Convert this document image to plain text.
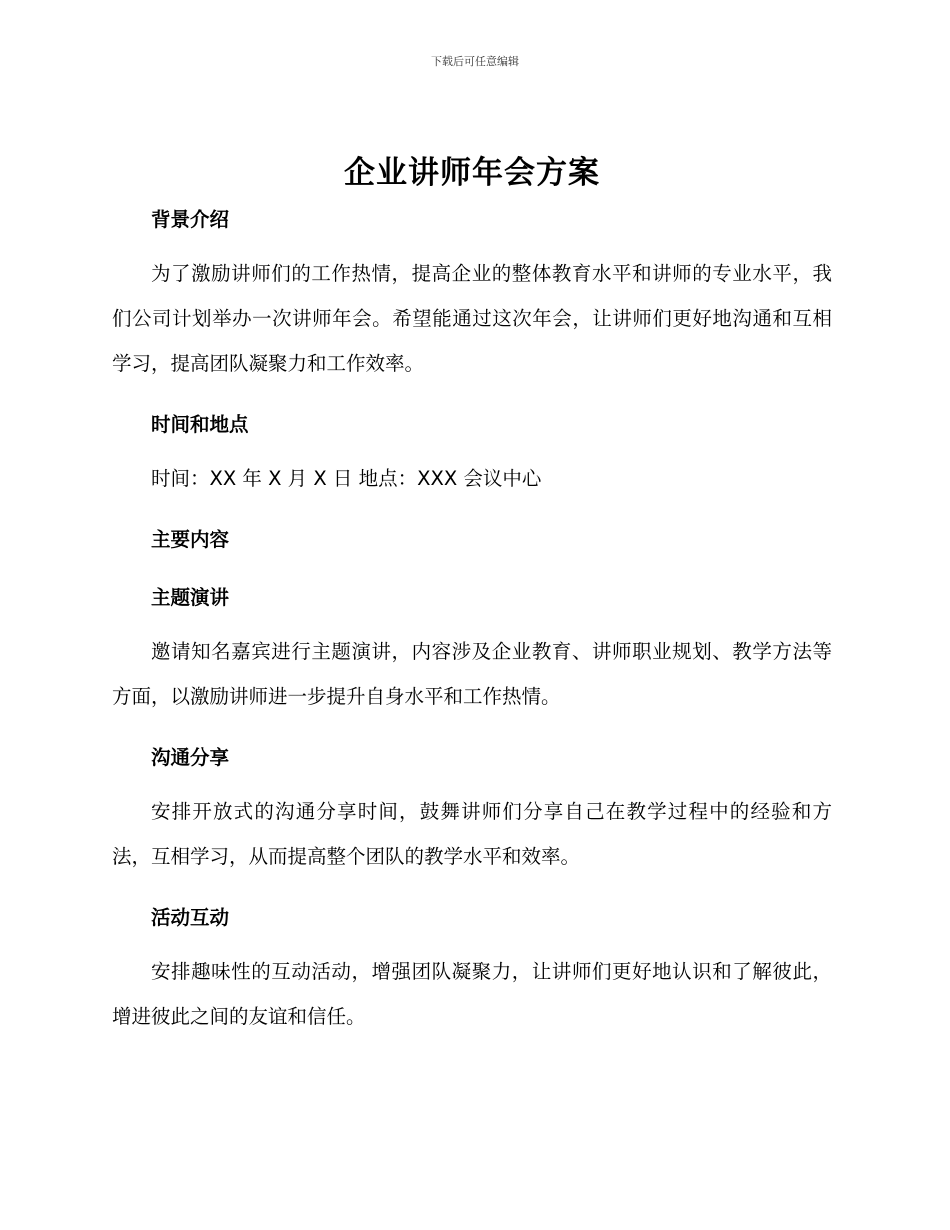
下载后可任意编辑
企业讲师年会方案
背景介绍

为了激励讲师们的工作热情，提高企业的整体教育水平和讲师的专业水平，我们公司计划举办一次讲师年会。希望能通过这次年会，让讲师们更好地沟通和互相学习，提高团队凝聚力和工作效率。

时间和地点

时间：XX 年 X 月 X 日 地点：XXX 会议中心

主要内容
主题演讲

邀请知名嘉宾进行主题演讲，内容涉及企业教育、讲师职业规划、教学方法等方面，以激励讲师进一步提升自身水平和工作热情。

沟通分享

安排开放式的沟通分享时间，鼓舞讲师们分享自己在教学过程中的经验和方法，互相学习，从而提高整个团队的教学水平和效率。

活动互动

安排趣味性的互动活动，增强团队凝聚力，让讲师们更好地认识和了解彼此，增进彼此之间的友谊和信任。
